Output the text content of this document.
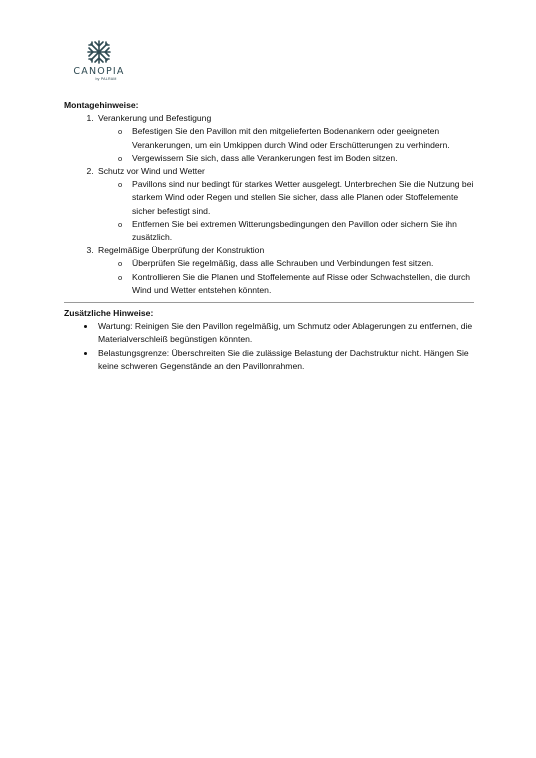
CANOPIA
by PALRAM

Montagehinweise:

1. Verankerung und Befestigung
o Befestigen Sie den Pavillon mit den mitgelieferten Bodenankern oder geeigneten Verankerungen, um ein Umkippen durch Wind oder Erschütterungen zu verhindern.
o Vergewissern Sie sich, dass alle Verankerungen fest im Boden sitzen.
2. Schutz vor Wind und Wetter
o Pavillons sind nur bedingt für starkes Wetter ausgelegt. Unterbrechen Sie die Nutzung bei starkem Wind oder Regen und stellen Sie sicher, dass alle Planen oder Stoffelemente sicher befestigt sind.
o Entfernen Sie bei extremen Witterungsbedingungen den Pavillon oder sichern Sie ihn zusätzlich.
3. Regelmäßige Überprüfung der Konstruktion
o Überprüfen Sie regelmäßig, dass alle Schrauben und Verbindungen fest sitzen.
o Kontrollieren Sie die Planen und Stoffelemente auf Risse oder Schwachstellen, die durch Wind und Wetter entstehen könnten.

Zusätzliche Hinweise:

• Wartung: Reinigen Sie den Pavillon regelmäßig, um Schmutz oder Ablagerungen zu entfernen, die Materialverschleiß begünstigen könnten.
• Belastungsgrenze: Überschreiten Sie die zulässige Belastung der Dachstruktur nicht. Hängen Sie keine schweren Gegenstände an den Pavillonrahmen.
